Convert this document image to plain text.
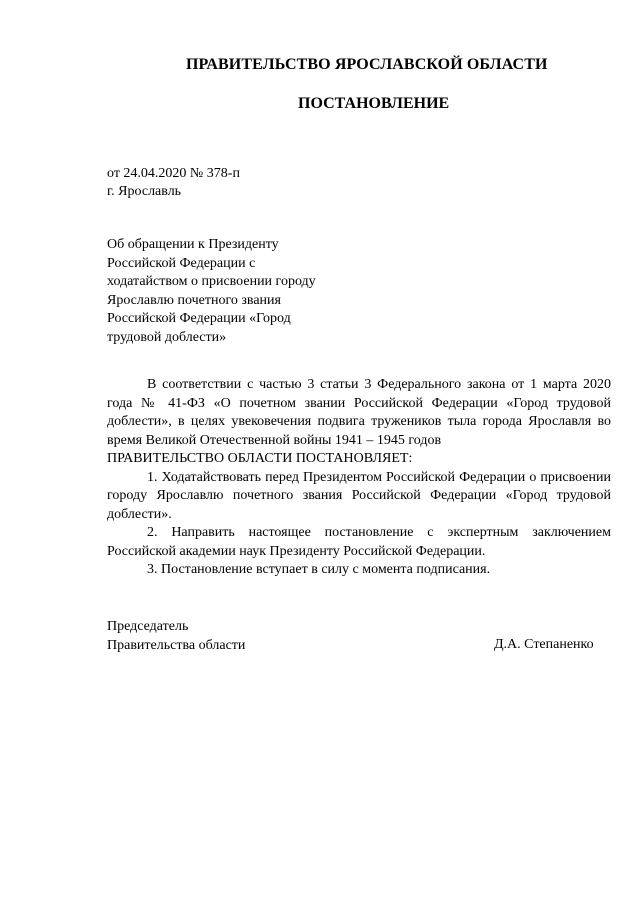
ПРАВИТЕЛЬСТВО ЯРОСЛАВСКОЙ ОБЛАСТИ
ПОСТАНОВЛЕНИЕ
от 24.04.2020 № 378-п
г. Ярославль
Об обращении к Президенту
Российской Федерации с
ходатайством о присвоении городу
Ярославлю почетного звания
Российской Федерации «Город
трудовой доблести»

В соответствии с частью 3 статьи 3 Федерального закона от 1 марта 2020 года № 41-ФЗ «О почетном звании Российской Федерации «Город трудовой доблести», в целях увековечения подвига тружеников тыла города Ярославля во время Великой Отечественной войны 1941 – 1945 годов

ПРАВИТЕЛЬСТВО ОБЛАСТИ ПОСТАНОВЛЯЕТ:

1. Ходатайствовать перед Президентом Российской Федерации о присвоении городу Ярославлю почетного звания Российской Федерации «Город трудовой доблести».

2. Направить настоящее постановление с экспертным заключением Российской академии наук Президенту Российской Федерации.

3. Постановление вступает в силу с момента подписания.

Председатель
Правительства области	Д.А. Степаненко
